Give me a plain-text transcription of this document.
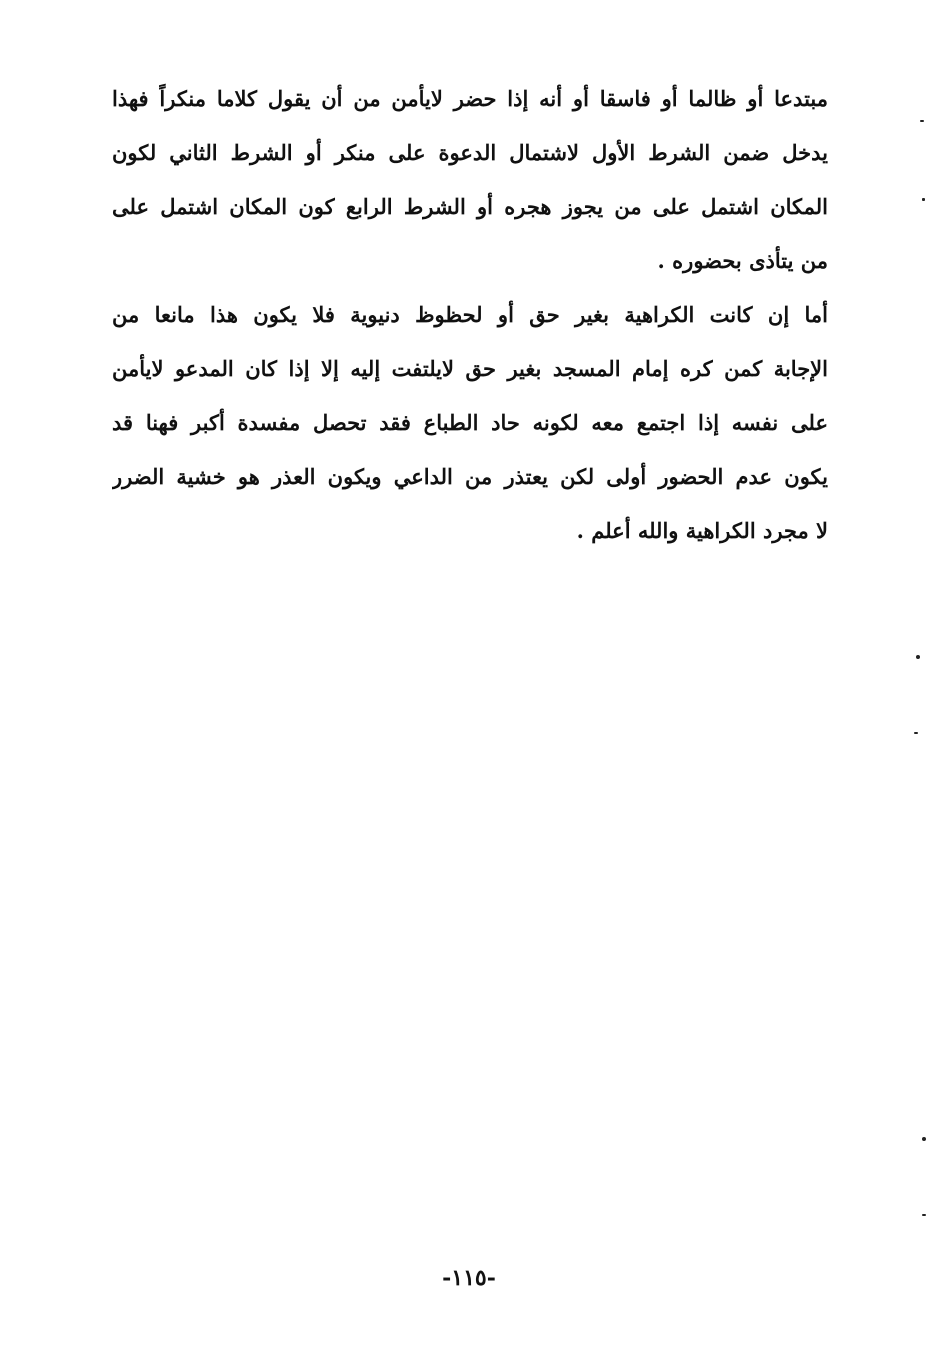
مبتدعا أو ظالما أو فاسقا أو أنه إذا حضر لايأمن من أن يقول كلاما منكراً فهذا
يدخل ضمن الشرط الأول لاشتمال الدعوة على منكر أو الشرط الثاني لكون
المكان اشتمل على من يجوز هجره أو الشرط الرابع كون المكان اشتمل على
من يتأذى بحضوره .
أما إن كانت الكراهية بغير حق أو لحظوظ دنيوية فلا يكون هذا مانعا من
الإجابة كمن كره إمام المسجد بغير حق لايلتفت إليه إلا إذا كان المدعو لايأمن
على نفسه إذا اجتمع معه لكونه حاد الطباع فقد تحصل مفسدة أكبر فهنا قد
يكون عدم الحضور أولى لكن يعتذر من الداعي ويكون العذر هو خشية الضرر
لا مجرد الكراهية والله أعلم .
-١١٥-
